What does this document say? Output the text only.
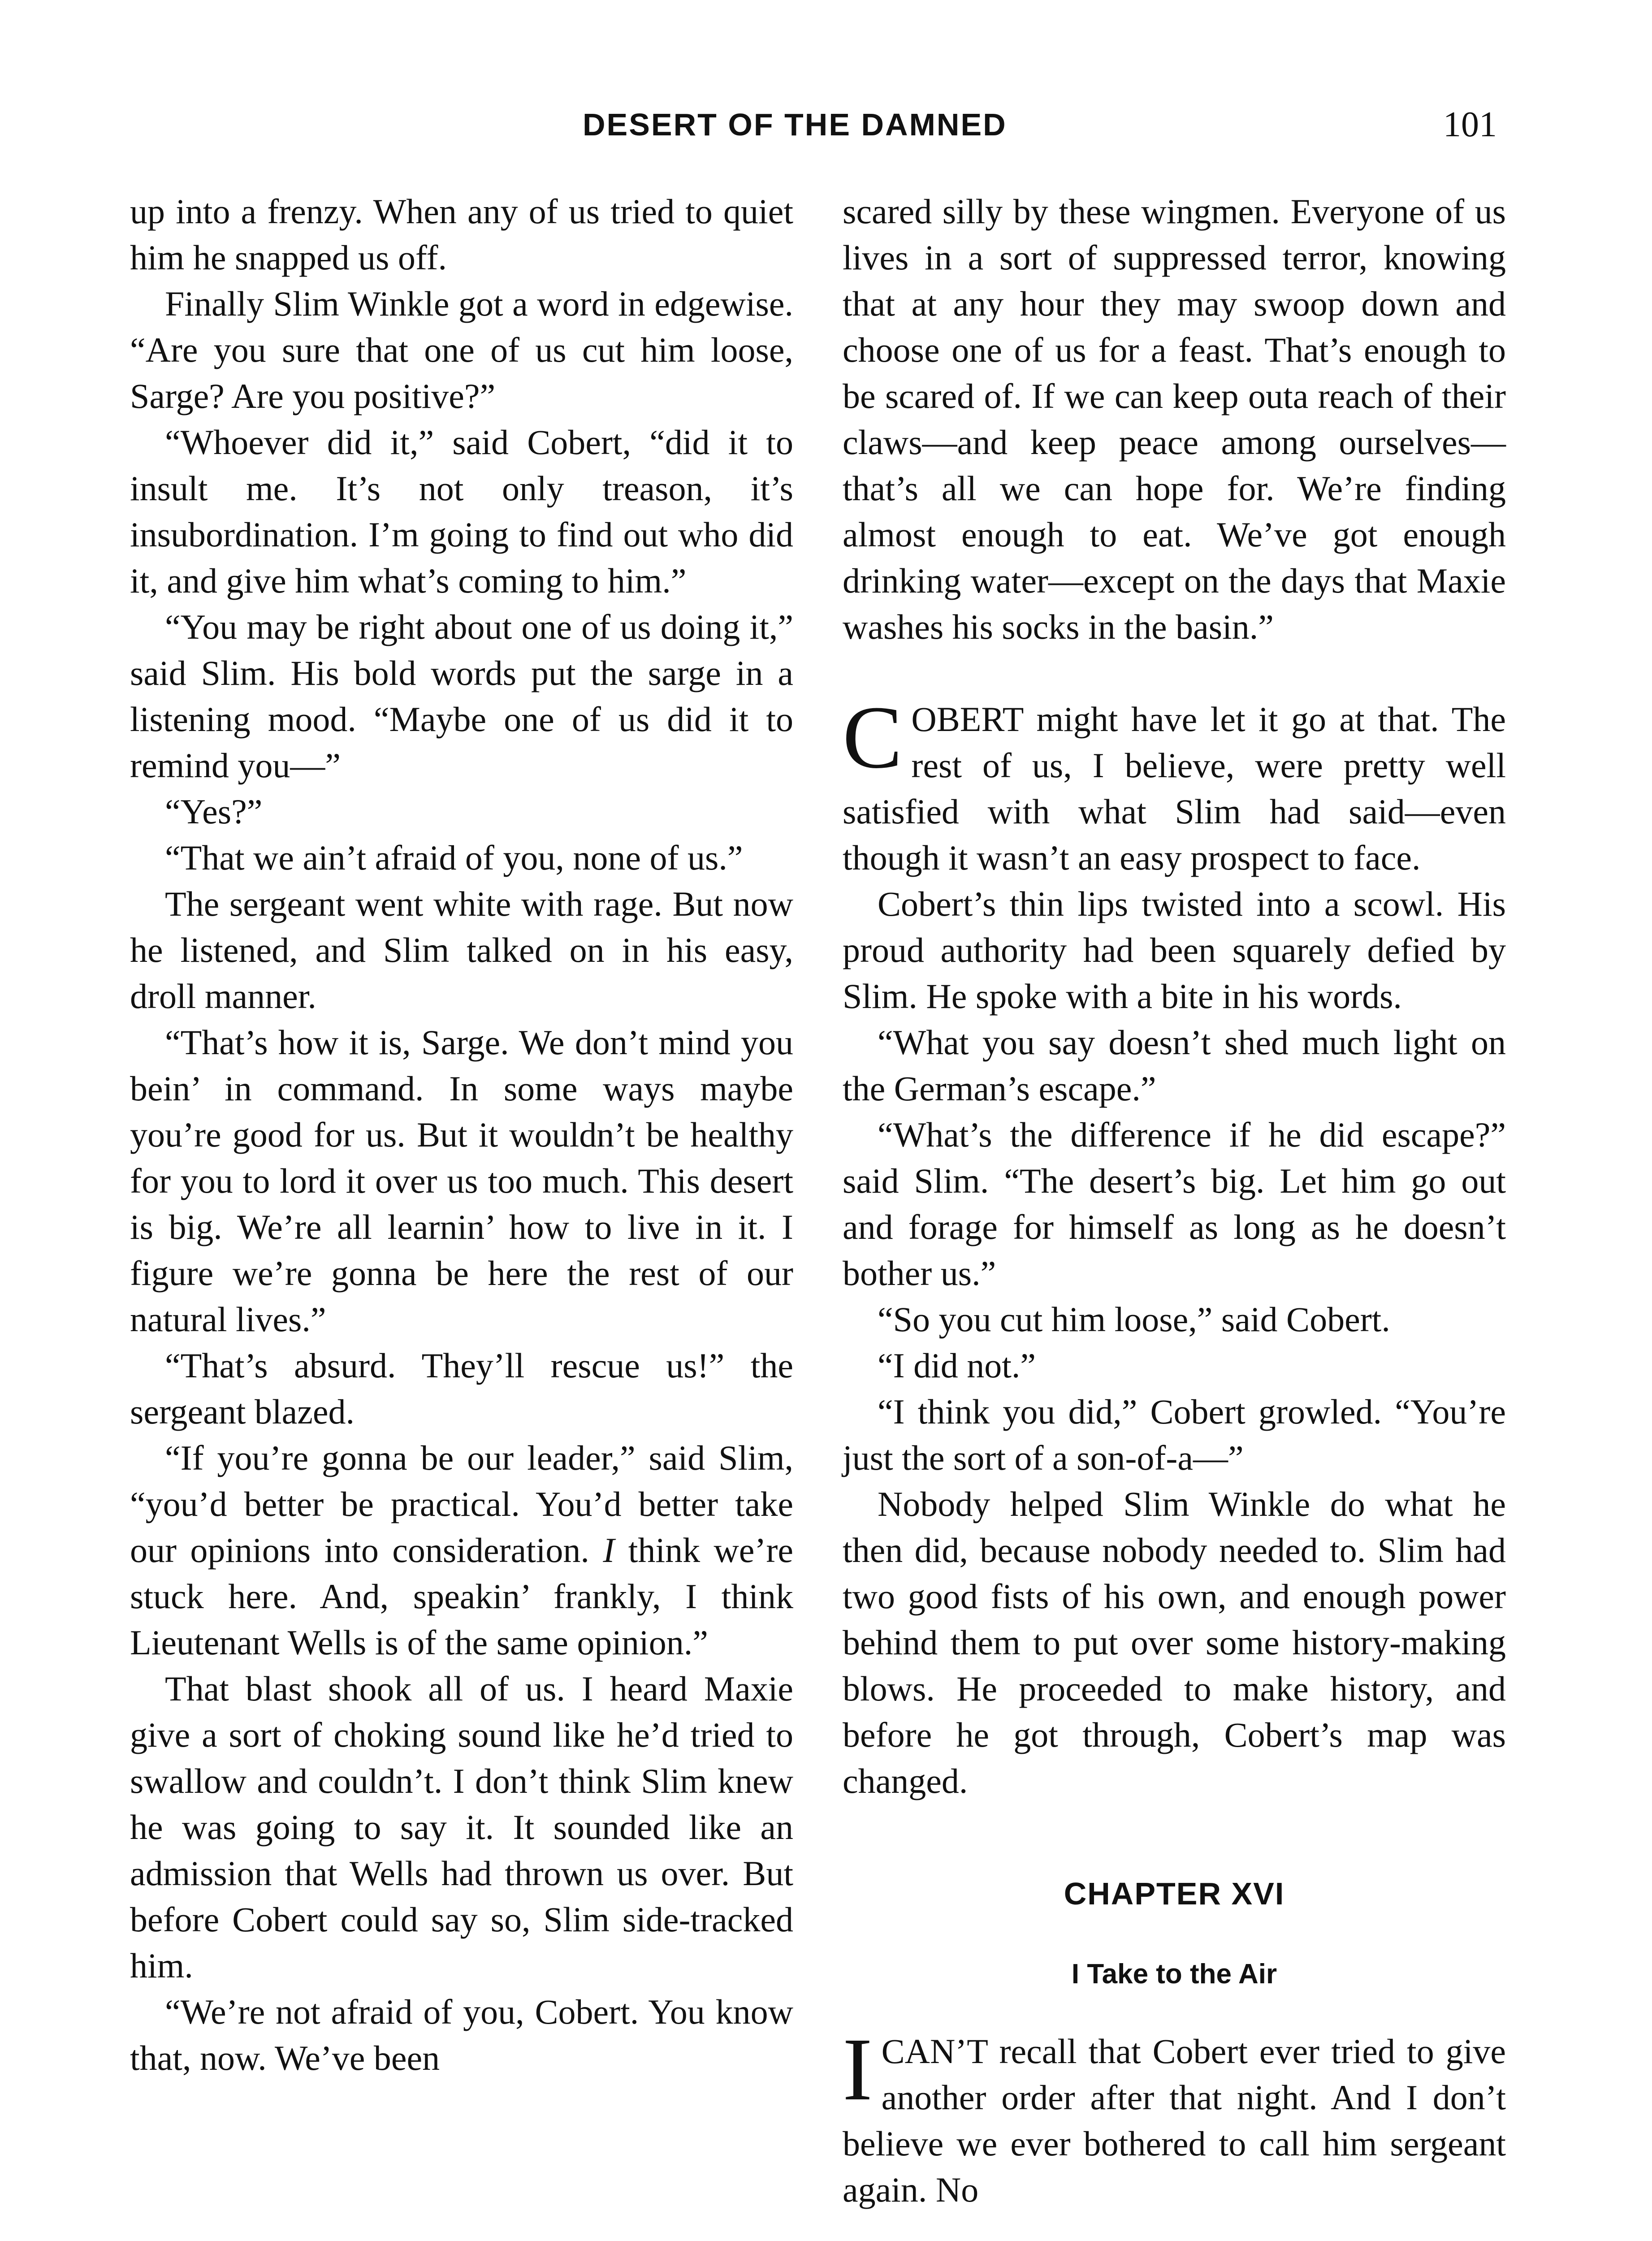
DESERT OF THE DAMNED	101

up into a frenzy. When any of us tried to quiet him he snapped us off.

Finally Slim Winkle got a word in edgewise. “Are you sure that one of us cut him loose, Sarge? Are you positive?”

“Whoever did it,” said Cobert, “did it to insult me. It’s not only treason, it’s insubordination. I’m going to find out who did it, and give him what’s coming to him.”

“You may be right about one of us doing it,” said Slim. His bold words put the sarge in a listening mood. “Maybe one of us did it to remind you—”

“Yes?”

“That we ain’t afraid of you, none of us.”

The sergeant went white with rage. But now he listened, and Slim talked on in his easy, droll manner.

“That’s how it is, Sarge. We don’t mind you bein’ in command. In some ways maybe you’re good for us. But it wouldn’t be healthy for you to lord it over us too much. This desert is big. We’re all learnin’ how to live in it. I figure we’re gonna be here the rest of our natural lives.”

“That’s absurd. They’ll rescue us!” the sergeant blazed.

“If you’re gonna be our leader,” said Slim, “you’d better be practical. You’d better take our opinions into consideration. I think we’re stuck here. And, speakin’ frankly, I think Lieutenant Wells is of the same opinion.”

That blast shook all of us. I heard Maxie give a sort of choking sound like he’d tried to swallow and couldn’t. I don’t think Slim knew he was going to say it. It sounded like an admission that Wells had thrown us over. But before Cobert could say so, Slim side-tracked him.

“We’re not afraid of you, Cobert. You know that, now. We’ve been

scared silly by these wingmen. Everyone of us lives in a sort of suppressed terror, knowing that at any hour they may swoop down and choose one of us for a feast. That’s enough to be scared of. If we can keep outa reach of their claws—and keep peace among ourselves—that’s all we can hope for. We’re finding almost enough to eat. We’ve got enough drinking water—except on the days that Maxie washes his socks in the basin.”

COBERT might have let it go at that. The rest of us, I believe, were pretty well satisfied with what Slim had said—even though it wasn’t an easy prospect to face.

Cobert’s thin lips twisted into a scowl. His proud authority had been squarely defied by Slim. He spoke with a bite in his words.

“What you say doesn’t shed much light on the German’s escape.”

“What’s the difference if he did escape?” said Slim. “The desert’s big. Let him go out and forage for himself as long as he doesn’t bother us.”

“So you cut him loose,” said Cobert.

“I did not.”

“I think you did,” Cobert growled. “You’re just the sort of a son-of-a—”

Nobody helped Slim Winkle do what he then did, because nobody needed to. Slim had two good fists of his own, and enough power behind them to put over some history-making blows. He proceeded to make history, and before he got through, Cobert’s map was changed.

CHAPTER XVI
I Take to the Air

ICAN’T recall that Cobert ever tried to give another order after that night. And I don’t believe we ever bothered to call him sergeant again. No
